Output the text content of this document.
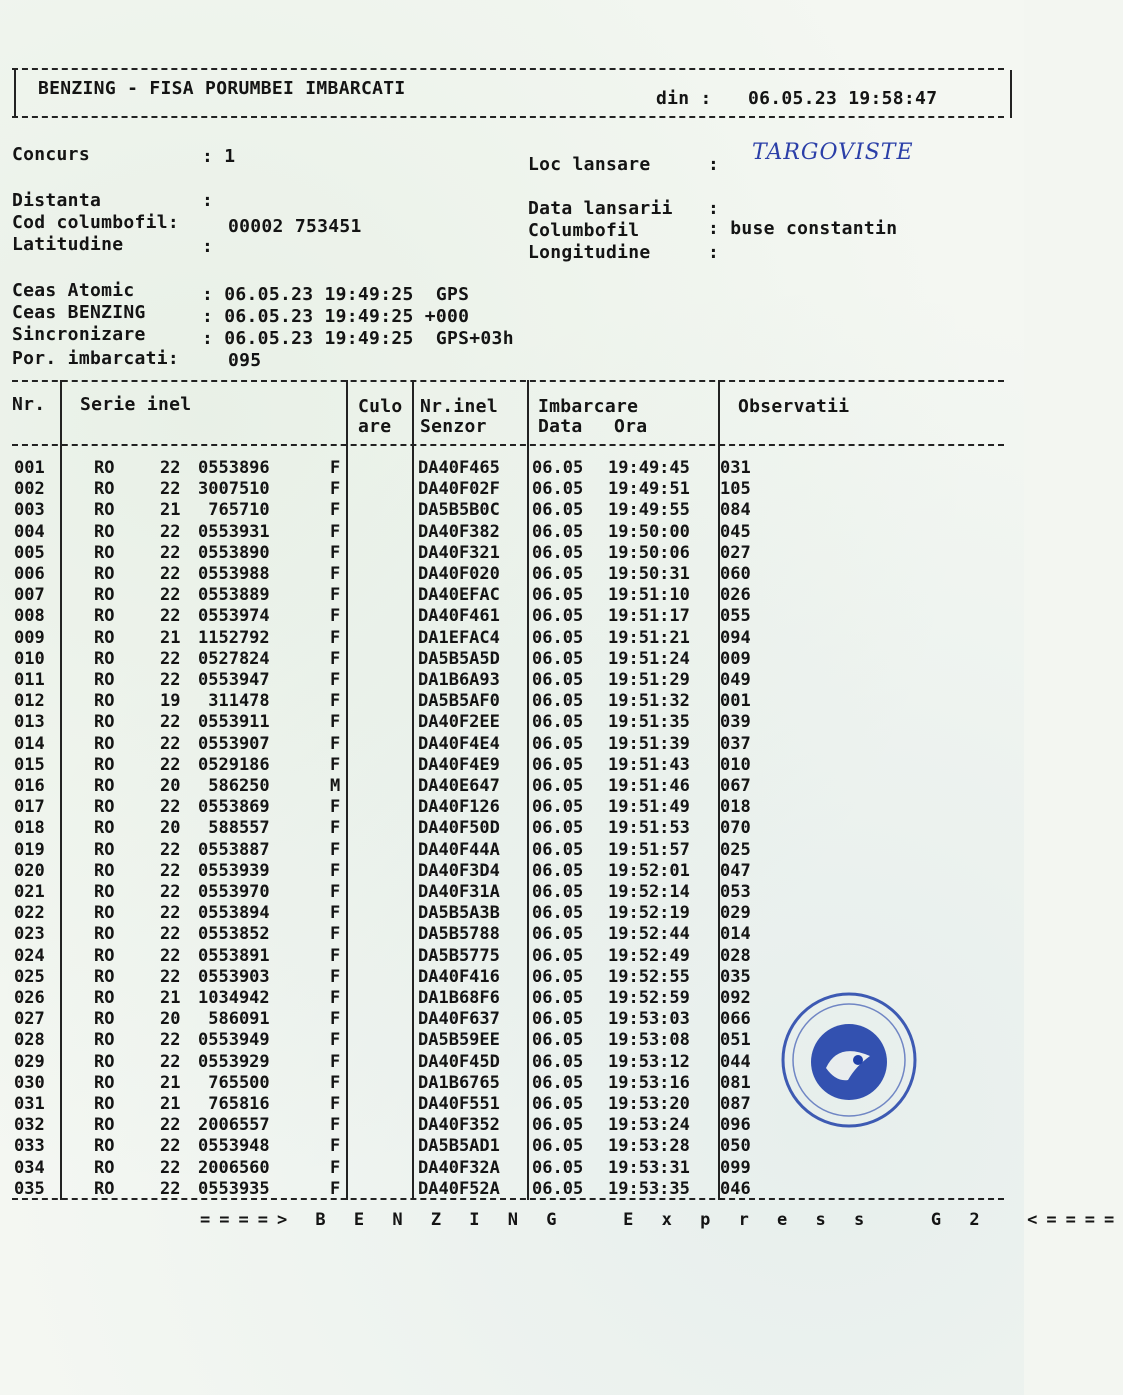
BENZING - FISA PORUMBEI IMBARCATI	din : 06.05.23 19:58:47
Concurs	: 1	Loc lansare	: TARGOVISTE
Distanta	:
Cod columbofil:	00002 753451
Latitudine	:
Data lansarii :
Columbofil	: buse constantin
Longitudine	:
Ceas Atomic	: 06.05.23 19:49:25  GPS
Ceas BENZING	: 06.05.23 19:49:25 +000
Sincronizare	: 06.05.23 19:49:25  GPS+03h
Por. imbarcati:	095
Nr. Serie inel	Culo
are
Nr.inel
Senzor
Imbarcare
Data Ora
Observatii
001	RO	22 0553896	F	DA40F465 06.05 19:49:45 031
002	RO	22 3007510	F	DA40F02F 06.05 19:49:51 105
003	RO	21 765710	F	DA5B5B0C 06.05 19:49:55 084
004	RO	22 0553931	F	DA40F382 06.05 19:50:00 045
005	RO	22 0553890	F	DA40F321 06.05 19:50:06 027
006	RO	22 0553988	F	DA40F020 06.05 19:50:31 060
007	RO	22 0553889	F	DA40EFAC 06.05 19:51:10 026
008	RO	22 0553974	F	DA40F461 06.05 19:51:17 055
009	RO	21 1152792	F	DA1EFAC4 06.05 19:51:21 094
010	RO	22 0527824	F	DA5B5A5D 06.05 19:51:24 009
011	RO	22 0553947	F	DA1B6A93 06.05 19:51:29 049
012	RO	19 311478	F	DA5B5AF0 06.05 19:51:32 001
013	RO	22 0553911	F	DA40F2EE 06.05 19:51:35 039
014	RO	22 0553907	F	DA40F4E4 06.05 19:51:39 037
015	RO	22 0529186	F	DA40F4E9 06.05 19:51:43 010
016	RO	20 586250	M	DA40E647 06.05 19:51:46 067
017	RO	22 0553869	F	DA40F126 06.05 19:51:49 018
018	RO	20 588557	F	DA40F50D 06.05 19:51:53 070
019	RO	22 0553887	F	DA40F44A 06.05 19:51:57 025
020	RO	22 0553939	F	DA40F3D4 06.05 19:52:01 047
021	RO	22 0553970	F	DA40F31A 06.05 19:52:14 053
022	RO	22 0553894	F	DA5B5A3B 06.05 19:52:19 029
023	RO	22 0553852	F	DA5B5788 06.05 19:52:44 014
024	RO	22 0553891	F	DA5B5775 06.05 19:52:49 028
025	RO	22 0553903	F	DA40F416 06.05 19:52:55 035
026	RO	21 1034942	F	DA1B68F6 06.05 19:52:59 092
027	RO	20 586091	F	DA40F637 06.05 19:53:03 066
028	RO	22 0553949	F	DA5B59EE 06.05 19:53:08 051
029	RO	22 0553929	F	DA40F45D 06.05 19:53:12 044
030	RO	21 765500	F	DA1B6765 06.05 19:53:16 081
031	RO	21 765816	F	DA40F551 06.05 19:53:20 087
032	RO	22 2006557	F	DA40F352 06.05 19:53:24 096
033	RO	22 0553948	F	DA5B5AD1 06.05 19:53:28 050
034	RO	22 2006560	F	DA40F32A 06.05 19:53:31 099
035	RO	22 0553935	F	DA40F52A 06.05 19:53:35 046
====> B E N Z I N G   E x p r e s s   G 2  <====
